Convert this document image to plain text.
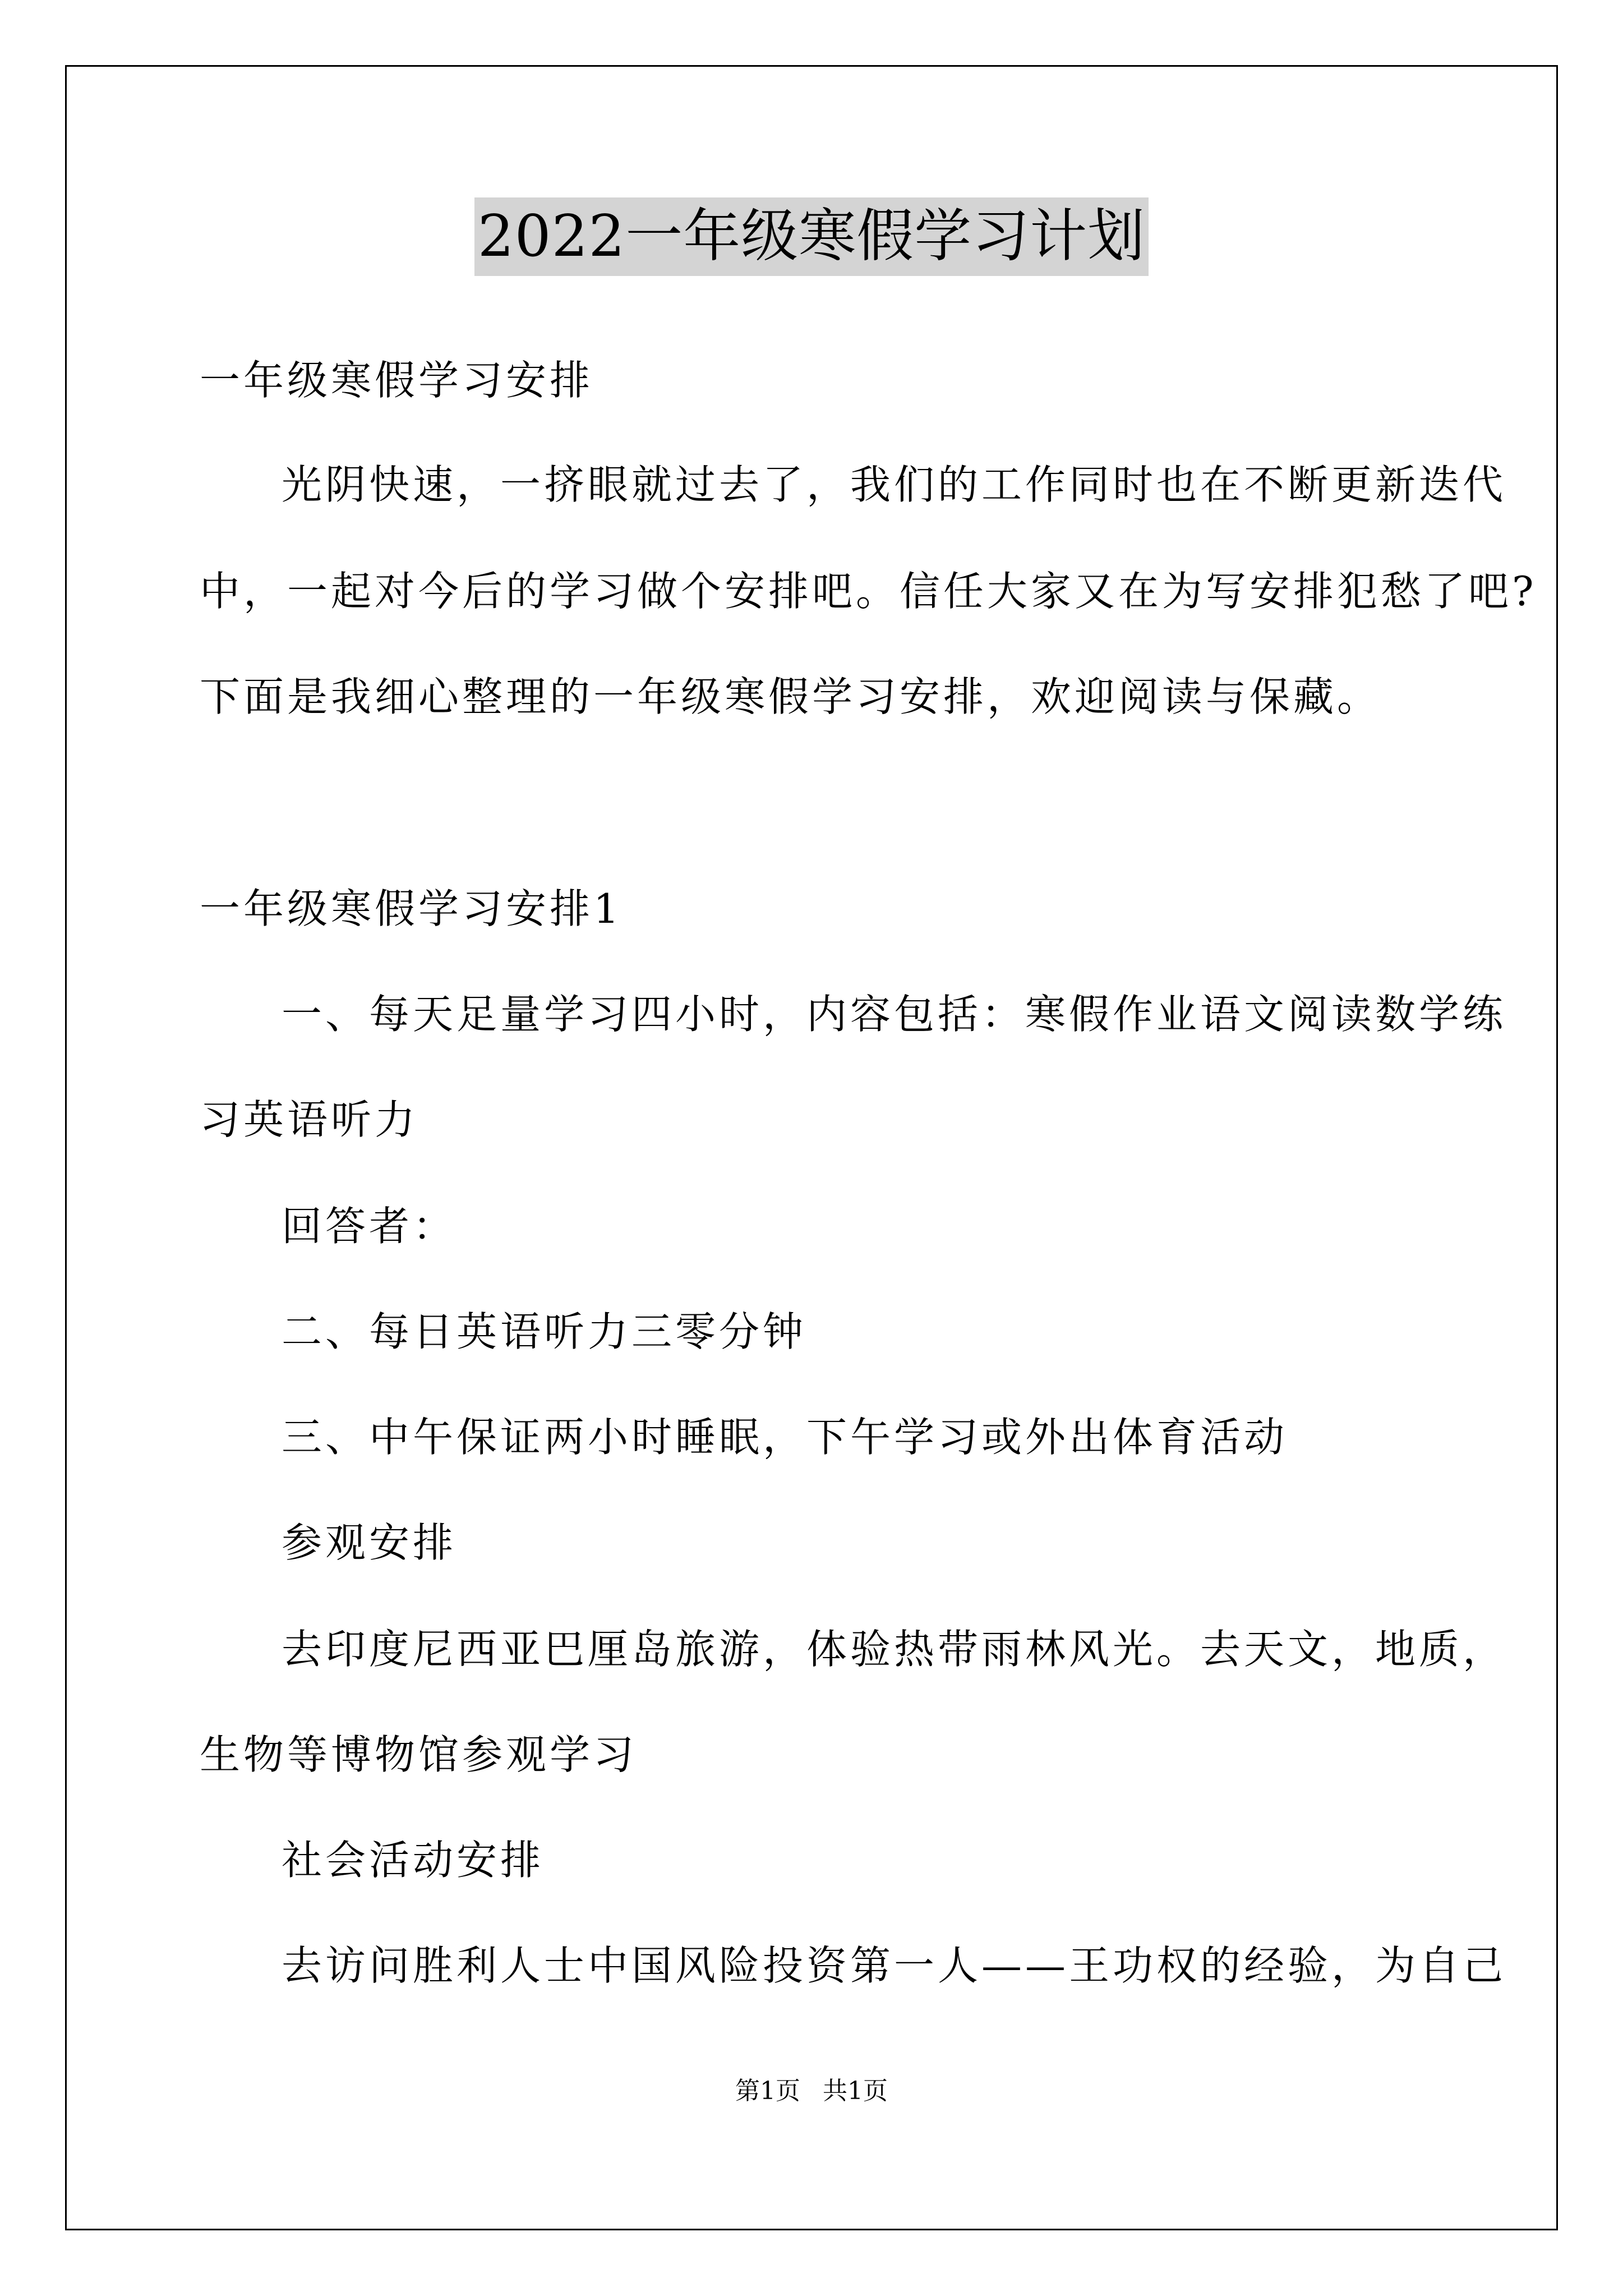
2022一年级寒假学习计划
一年级寒假学习安排
光阴快速，一挤眼就过去了，我们的工作同时也在不断更新迭代
中，一起对今后的学习做个安排吧。信任大家又在为写安排犯愁了吧?
下面是我细心整理的一年级寒假学习安排，欢迎阅读与保藏。
一年级寒假学习安排1
一、每天足量学习四小时，内容包括：寒假作业语文阅读数学练
习英语听力
回答者：
二、每日英语听力三零分钟
三、中午保证两小时睡眠，下午学习或外出体育活动
参观安排
去印度尼西亚巴厘岛旅游，体验热带雨林风光。去天文，地质，
生物等博物馆参观学习
社会活动安排
去访问胜利人士中国风险投资第一人——王功权的经验，为自己
第1页 共1页
